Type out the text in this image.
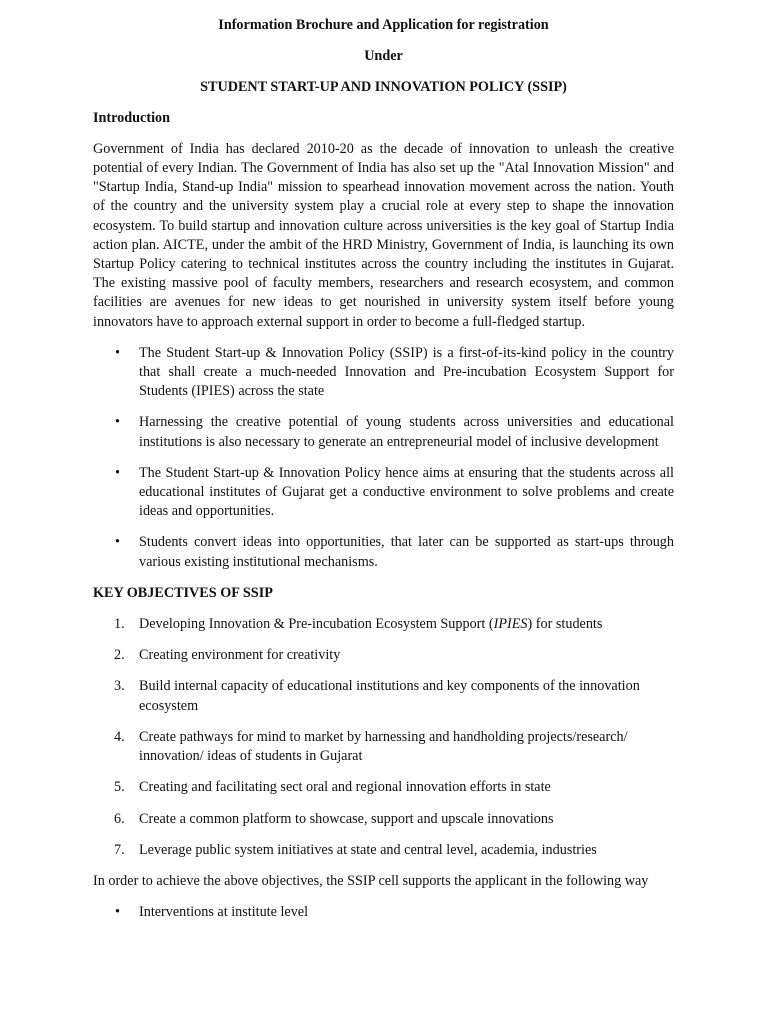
Information Brochure and Application for registration
Under
STUDENT START-UP AND INNOVATION POLICY (SSIP)
Introduction

Government of India has declared 2010-20 as the decade of innovation to unleash the creative potential of every Indian. The Government of India has also set up the "Atal Innovation Mission" and "Startup India, Stand-up India" mission to spearhead innovation movement across the nation. Youth of the country and the university system play a crucial role at every step to shape the innovation ecosystem. To build startup and innovation culture across universities is the key goal of Startup India action plan. AICTE, under the ambit of the HRD Ministry, Government of India, is launching its own Startup Policy catering to technical institutes across the country including the institutes in Gujarat. The existing massive pool of faculty members, researchers and research ecosystem, and common facilities are avenues for new ideas to get nourished in university system itself before young innovators have to approach external support in order to become a full-fledged startup.

• The Student Start-up & Innovation Policy (SSIP) is a first-of-its-kind policy in the country that shall create a much-needed Innovation and Pre-incubation Ecosystem Support for Students (IPIES) across the state
• Harnessing the creative potential of young students across universities and educational institutions is also necessary to generate an entrepreneurial model of inclusive development
• The Student Start-up & Innovation Policy hence aims at ensuring that the students across all educational institutes of Gujarat get a conductive environment to solve problems and create ideas and opportunities.
• Students convert ideas into opportunities, that later can be supported as start-ups through various existing institutional mechanisms.
KEY OBJECTIVES OF SSIP
1. Developing Innovation & Pre-incubation Ecosystem Support (IPIES) for students
2. Creating environment for creativity
3. Build internal capacity of educational institutions and key components of the innovation ecosystem
4. Create pathways for mind to market by harnessing and handholding projects/research/ innovation/ ideas of students in Gujarat
5. Creating and facilitating sect oral and regional innovation efforts in state
6. Create a common platform to showcase, support and upscale innovations
7. Leverage public system initiatives at state and central level, academia, industries

In order to achieve the above objectives, the SSIP cell supports the applicant in the following way

• Interventions at institute level
